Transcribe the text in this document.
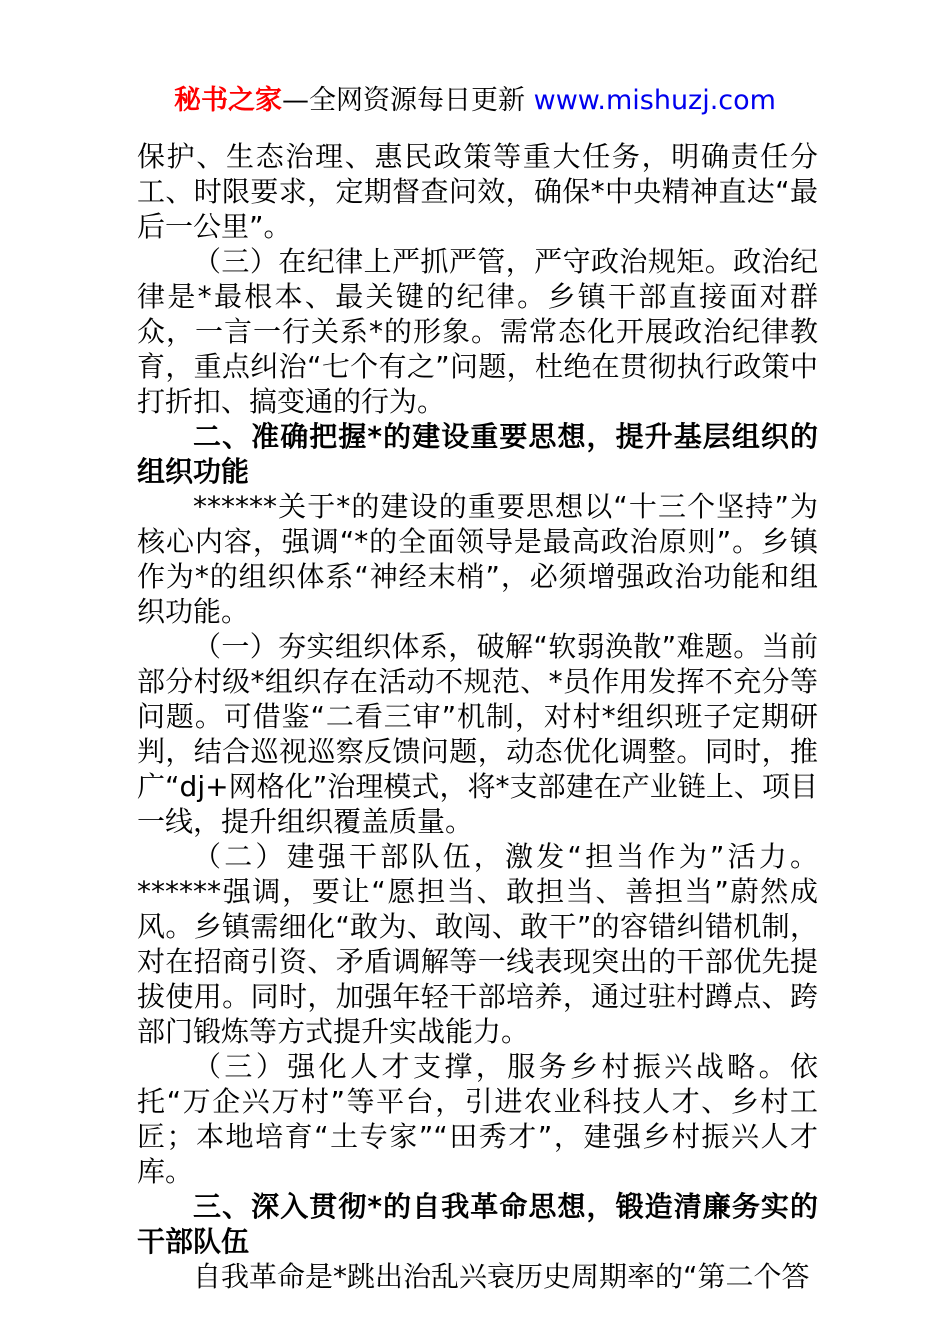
秘书之家—全网资源每日更新 www.mishuzj.com

保护、生态治理、惠民政策等重大任务，明确责任分工、时限要求，定期督查问效，确保*中央精神直达“最后一公里”。

（三）在纪律上严抓严管，严守政治规矩。政治纪律是*最根本、最关键的纪律。乡镇干部直接面对群众，一言一行关系*的形象。需常态化开展政治纪律教育，重点纠治“七个有之”问题，杜绝在贯彻执行政策中打折扣、搞变通的行为。

二、准确把握*的建设重要思想，提升基层组织的组织功能

******关于*的建设的重要思想以“十三个坚持”为核心内容，强调“*的全面领导是最高政治原则”。乡镇作为*的组织体系“神经末梢”，必须增强政治功能和组织功能。

（一）夯实组织体系，破解“软弱涣散”难题。当前部分村级*组织存在活动不规范、*员作用发挥不充分等问题。可借鉴“二看三审”机制，对村*组织班子定期研判，结合巡视巡察反馈问题，动态优化调整。同时，推广“dj+网格化”治理模式，将*支部建在产业链上、项目一线，提升组织覆盖质量。

（二）建强干部队伍，激发“担当作为”活力。******强调，要让“愿担当、敢担当、善担当”蔚然成风。乡镇需细化“敢为、敢闯、敢干”的容错纠错机制，对在招商引资、矛盾调解等一线表现突出的干部优先提拔使用。同时，加强年轻干部培养，通过驻村蹲点、跨部门锻炼等方式提升实战能力。

（三）强化人才支撑，服务乡村振兴战略。依托“万企兴万村”等平台，引进农业科技人才、乡村工匠；本地培育“土专家”“田秀才”，建强乡村振兴人才库。

三、深入贯彻*的自我革命思想，锻造清廉务实的干部队伍

自我革命是*跳出治乱兴衰历史周期率的“第二个答
